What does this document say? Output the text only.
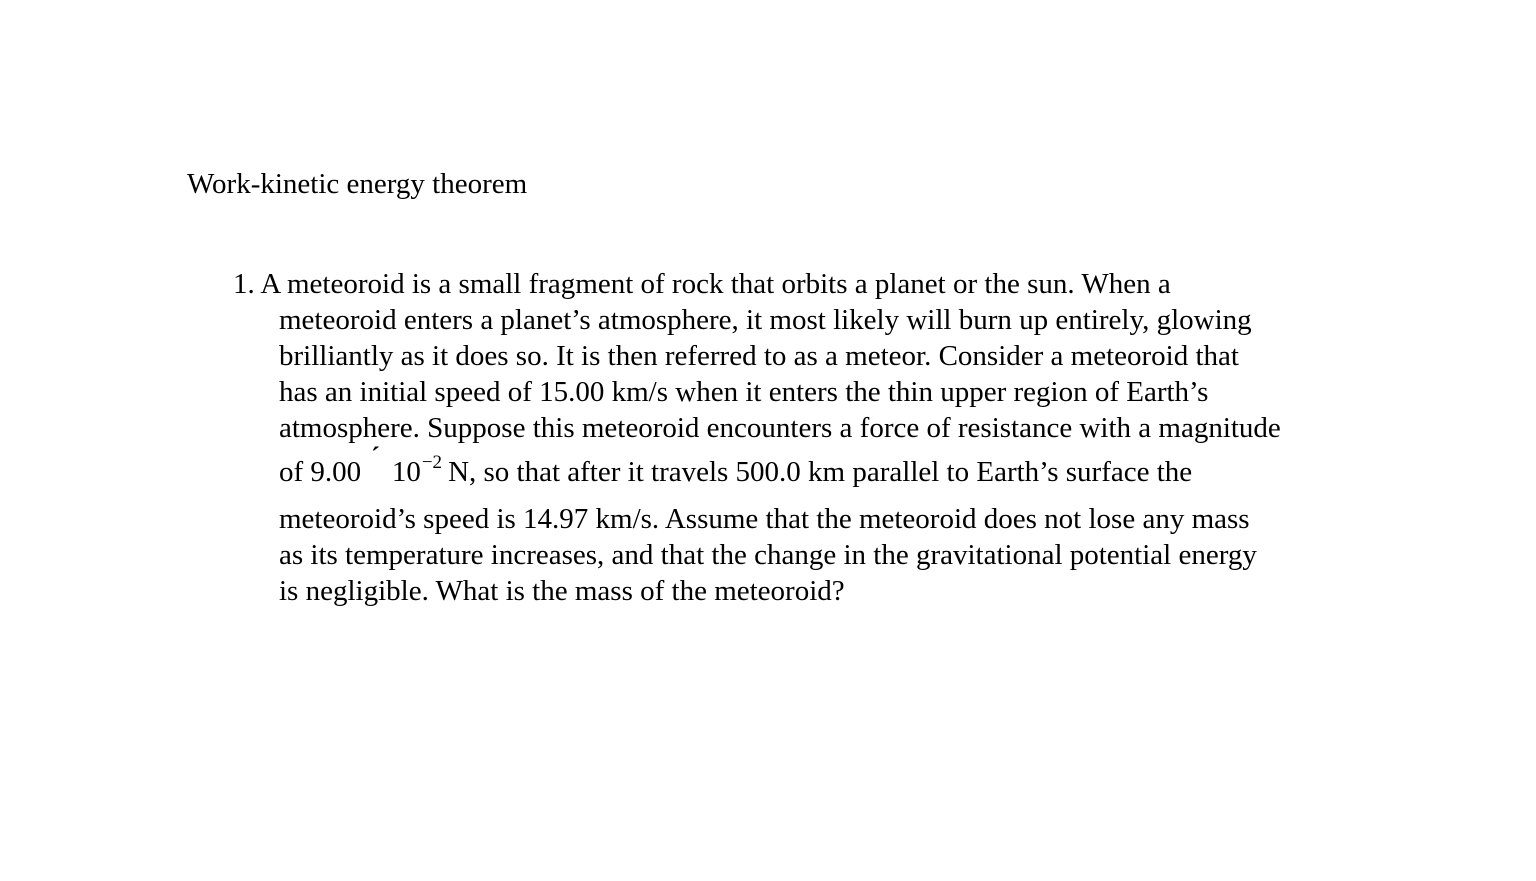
Work-kinetic energy theorem
1. A meteoroid is a small fragment of rock that orbits a planet or the sun. When a
meteoroid enters a planet’s atmosphere, it most likely will burn up entirely, glowing
brilliantly as it does so. It is then referred to as a meteor. Consider a meteoroid that
has an initial speed of 15.00 km/s when it enters the thin upper region of Earth’s
atmosphere. Suppose this meteoroid encounters a force of resistance with a magnitude
of 9.00 ´ $10^{-2}$ N, so that after it travels 500.0 km parallel to Earth’s surface the
meteoroid’s speed is 14.97 km/s. Assume that the meteoroid does not lose any mass
as its temperature increases, and that the change in the gravitational potential energy
is negligible. What is the mass of the meteoroid?
